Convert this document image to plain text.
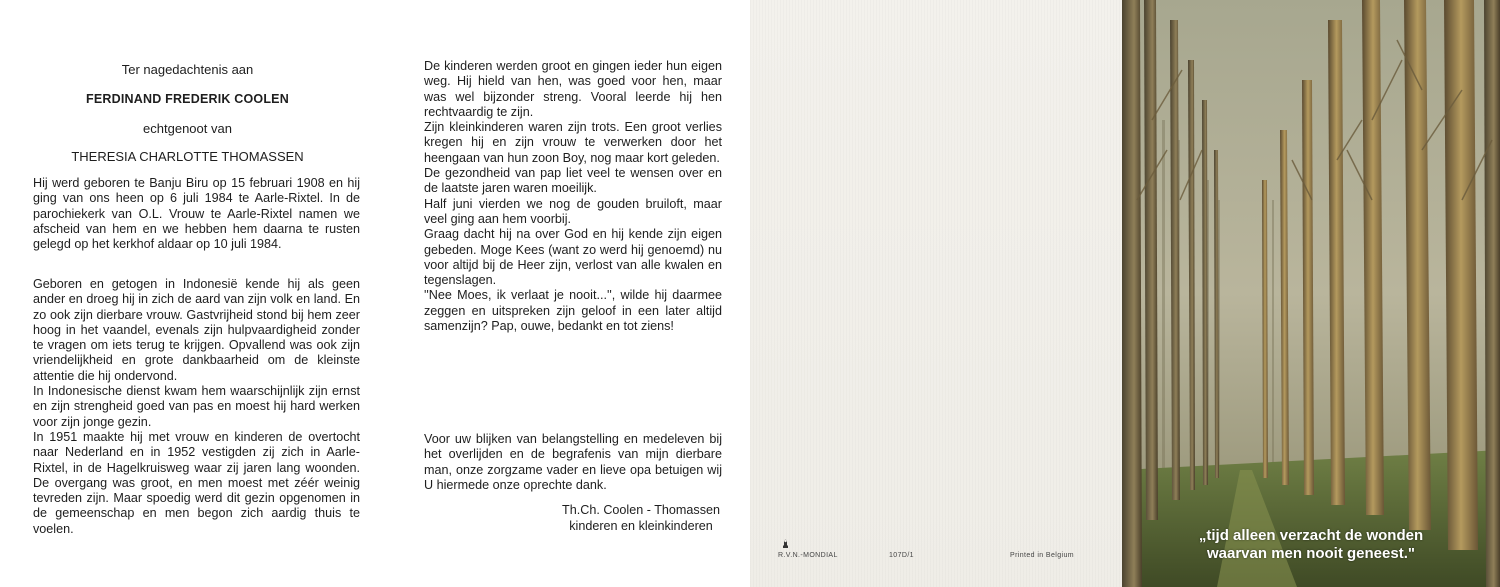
Ter nagedachtenis aan
FERDINAND FREDERIK COOLEN
echtgenoot van
THERESIA CHARLOTTE THOMASSEN

Hij werd geboren te Banju Biru op 15 februari 1908 en hij ging van ons heen op 6 juli 1984 te Aarle-Rixtel. In de parochiekerk van O.L. Vrouw te Aarle-Rixtel namen we afscheid van hem en we hebben hem daarna te rusten gelegd op het kerkhof aldaar op 10 juli 1984.

Geboren en getogen in Indonesië kende hij als geen ander en droeg hij in zich de aard van zijn volk en land. En zo ook zijn dierbare vrouw. Gastvrijheid stond bij hem zeer hoog in het vaandel, evenals zijn hulpvaardigheid zonder te vragen om iets terug te krijgen. Opvallend was ook zijn vriendelijkheid en grote dankbaarheid om de kleinste attentie die hij ondervond.

In Indonesische dienst kwam hem waarschijnlijk zijn ernst en zijn strengheid goed van pas en moest hij hard werken voor zijn jonge gezin.

In 1951 maakte hij met vrouw en kinderen de overtocht naar Nederland en in 1952 vestigden zij zich in Aarle-Rixtel, in de Hagelkruisweg waar zij jaren lang woonden. De overgang was groot, en men moest met zéér weinig tevreden zijn. Maar spoedig werd dit gezin opgenomen in de gemeenschap en men begon zich aardig thuis te voelen.

De kinderen werden groot en gingen ieder hun eigen weg. Hij hield van hen, was goed voor hen, maar was wel bijzonder streng. Vooral leerde hij hen rechtvaardig te zijn.

Zijn kleinkinderen waren zijn trots. Een groot verlies kregen hij en zijn vrouw te verwerken door het heengaan van hun zoon Boy, nog maar kort geleden.

De gezondheid van pap liet veel te wensen over en de laatste jaren waren moeilijk.

Half juni vierden we nog de gouden bruiloft, maar veel ging aan hem voorbij.

Graag dacht hij na over God en hij kende zijn eigen gebeden. Moge Kees (want zo werd hij genoemd) nu voor altijd bij de Heer zijn, verlost van alle kwalen en tegenslagen.

''Nee Moes, ik verlaat je nooit...'', wilde hij daarmee zeggen en uitspreken zijn geloof in een later altijd samenzijn? Pap, ouwe, bedankt en tot ziens!

Voor uw blijken van belangstelling en medeleven bij het overlijden en de begrafenis van mijn dierbare man, onze zorgzame vader en lieve opa betuigen wij U hiermede onze oprechte dank.

Th.Ch. Coolen - Thomassen
kinderen en kleinkinderen
R.V.N.-MONDIAL	107D/1	Printed in Belgium
„tijd alleen verzacht de wonden
waarvan men nooit geneest."
